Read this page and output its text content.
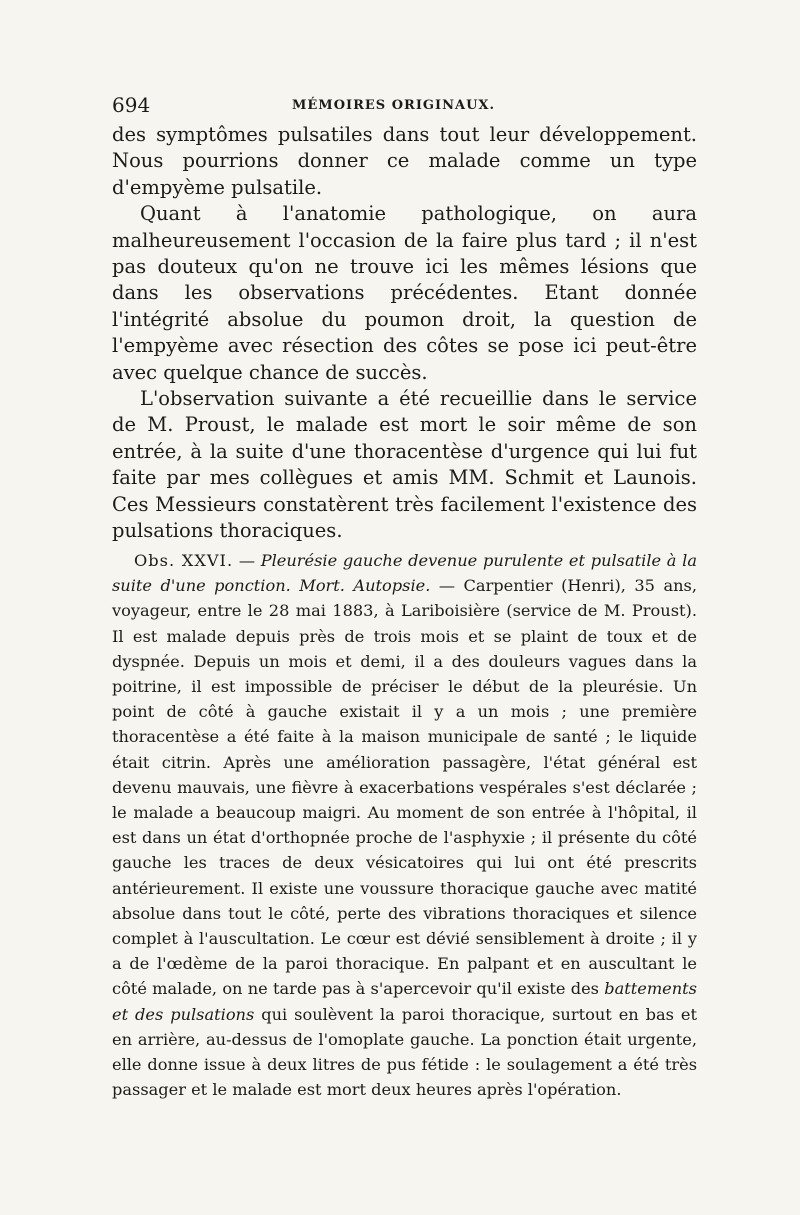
694	MÉMOIRES ORIGINAUX.

des symptômes pulsatiles dans tout leur développement. Nous pourrions donner ce malade comme un type d'empyème pulsatile.

Quant à l'anatomie pathologique, on aura malheureusement l'occasion de la faire plus tard ; il n'est pas douteux qu'on ne trouve ici les mêmes lésions que dans les observations précédentes. Etant donnée l'intégrité absolue du poumon droit, la question de l'empyème avec résection des côtes se pose ici peut-être avec quelque chance de succès.

L'observation suivante a été recueillie dans le service de M. Proust, le malade est mort le soir même de son entrée, à la suite d'une thoracentèse d'urgence qui lui fut faite par mes collègues et amis MM. Schmit et Launois. Ces Messieurs constatèrent très facilement l'existence des pulsations thoraciques.

Obs. XXVI. — Pleurésie gauche devenue purulente et pulsatile à la suite d'une ponction. Mort. Autopsie. — Carpentier (Henri), 35 ans, voyageur, entre le 28 mai 1883, à Lariboisière (service de M. Proust). Il est malade depuis près de trois mois et se plaint de toux et de dyspnée. Depuis un mois et demi, il a des douleurs vagues dans la poitrine, il est impossible de préciser le début de la pleurésie. Un point de côté à gauche existait il y a un mois ; une première thoracentèse a été faite à la maison municipale de santé ; le liquide était citrin. Après une amélioration passagère, l'état général est devenu mauvais, une fièvre à exacerbations vespérales s'est déclarée ; le malade a beaucoup maigri. Au moment de son entrée à l'hôpital, il est dans un état d'orthopnée proche de l'asphyxie ; il présente du côté gauche les traces de deux vésicatoires qui lui ont été prescrits antérieurement. Il existe une voussure thoracique gauche avec matité absolue dans tout le côté, perte des vibrations thoraciques et silence complet à l'auscultation. Le cœur est dévié sensiblement à droite ; il y a de l'œdème de la paroi thoracique. En palpant et en auscultant le côté malade, on ne tarde pas à s'apercevoir qu'il existe des battements et des pulsations qui soulèvent la paroi thoracique, surtout en bas et en arrière, au-dessus de l'omoplate gauche. La ponction était urgente, elle donne issue à deux litres de pus fétide : le soulagement a été très passager et le malade est mort deux heures après l'opération.
